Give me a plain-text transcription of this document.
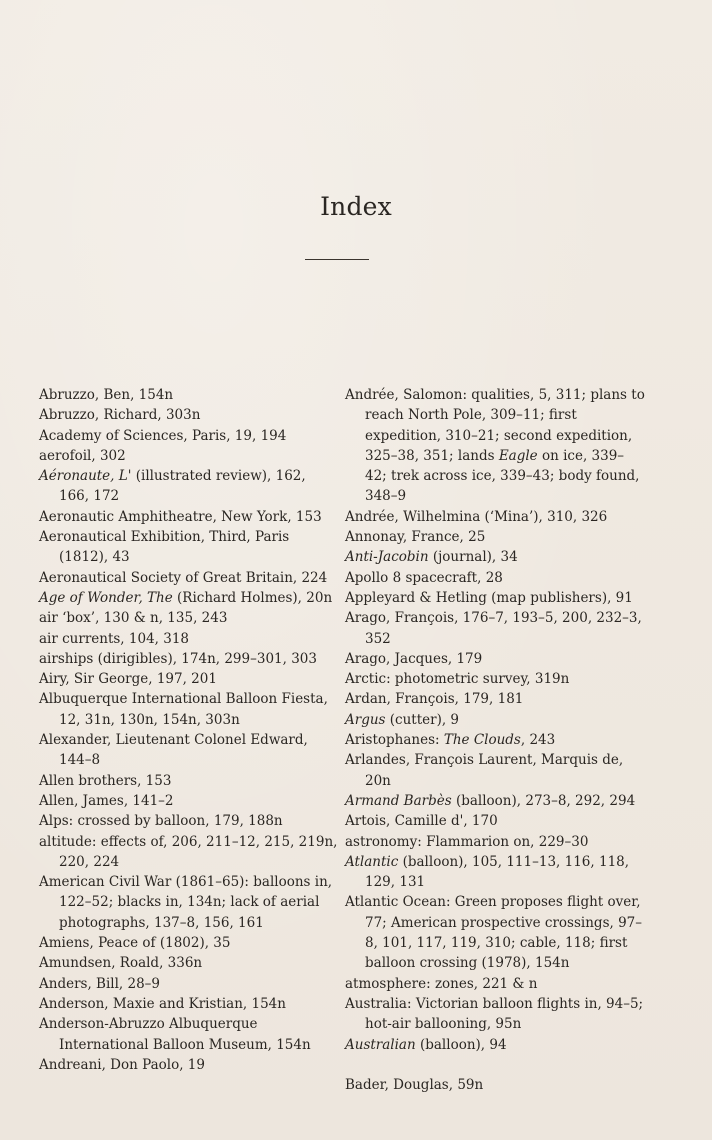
Index

Abruzzo, Ben, 154n

Abruzzo, Richard, 303n

Academy of Sciences, Paris, 19, 194

aerofoil, 302

Aéronaute, L' (illustrated review), 162, 166, 172

Aeronautic Amphitheatre, New York, 153

Aeronautical Exhibition, Third, Paris (1812), 43

Aeronautical Society of Great Britain, 224

Age of Wonder, The (Richard Holmes), 20n

air ‘box’, 130 & n, 135, 243

air currents, 104, 318

airships (dirigibles), 174n, 299–301, 303

Airy, Sir George, 197, 201

Albuquerque International Balloon Fiesta, 12, 31n, 130n, 154n, 303n

Alexander, Lieutenant Colonel Edward, 144–8

Allen brothers, 153

Allen, James, 141–2

Alps: crossed by balloon, 179, 188n

altitude: effects of, 206, 211–12, 215, 219n, 220, 224

American Civil War (1861–65): balloons in, 122–52; blacks in, 134n; lack of aerial photographs, 137–8, 156, 161

Amiens, Peace of (1802), 35

Amundsen, Roald, 336n

Anders, Bill, 28–9

Anderson, Maxie and Kristian, 154n

Anderson-Abruzzo Albuquerque International Balloon Museum, 154n

Andreani, Don Paolo, 19

Andrée, Salomon: qualities, 5, 311; plans to reach North Pole, 309–11; first expedition, 310–21; second expedition, 325–38, 351; lands Eagle on ice, 339–42; trek across ice, 339–43; body found, 348–9

Andrée, Wilhelmina (‘Mina’), 310, 326

Annonay, France, 25

Anti-Jacobin (journal), 34

Apollo 8 spacecraft, 28

Appleyard & Hetling (map publishers), 91

Arago, François, 176–7, 193–5, 200, 232–3, 352

Arago, Jacques, 179

Arctic: photometric survey, 319n

Ardan, François, 179, 181

Argus (cutter), 9

Aristophanes: The Clouds, 243

Arlandes, François Laurent, Marquis de, 20n

Armand Barbès (balloon), 273–8, 292, 294

Artois, Camille d', 170

astronomy: Flammarion on, 229–30

Atlantic (balloon), 105, 111–13, 116, 118, 129, 131

Atlantic Ocean: Green proposes flight over, 77; American prospective crossings, 97–8, 101, 117, 119, 310; cable, 118; first balloon crossing (1978), 154n

atmosphere: zones, 221 & n

Australia: Victorian balloon flights in, 94–5; hot-air ballooning, 95n

Australian (balloon), 94

Bader, Douglas, 59n
